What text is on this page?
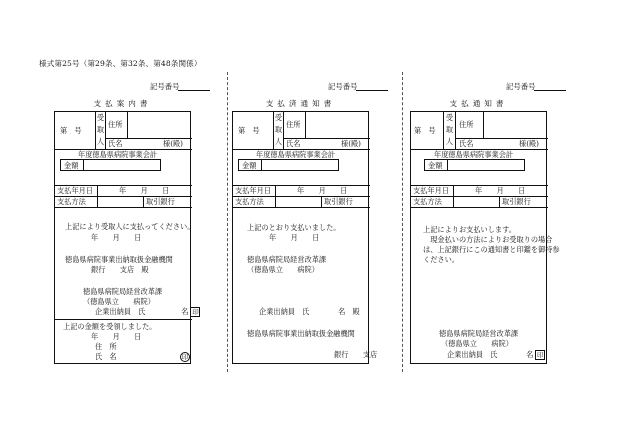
様式第25号（第29条、第32条、第48条関係）
記号番号
支払案内書
第　号
受
取
人
住所
氏名	様(殿)
年度徳島県病院事業会計
金額
支払年月日	年　　月　　日
支払方法	取引銀行
上記により受取人に支払ってください。
年　　月　　日
徳島県病院事業出納取扱金融機関
銀行　　支店　殿
徳島県病院局経営改革課
（徳島県立　　病院）
企業出納員　氏　　　　　名 印
上記の金額を受領しました。
年　　月　　日
住　所
氏　名	印
記号番号
支払済通知書
第　号
受
取
人
住所
氏名	様(殿)
年度徳島県病院事業会計
金額
支払年月日	年　　月　　日
支払方法	取引銀行
上記のとおり支払いました。
年　　月　　日
徳島県病院局経営改革課
（徳島県立　　病院）
企業出納員　氏　　　　名　殿
徳島県病院事業出納取扱金融機関
銀行　　支店
記号番号
支払通知書
第　号
受
取
人
住所
氏名	様(殿)
年度徳島県病院事業会計
金額
支払年月日	年　　月　　日
支払方法	取引銀行
上記によりお支払いします。
　現金払いの方法によりお受取りの場合
は、上記銀行にこの通知書と印鑑を御持参
ください。
徳島県病院局経営改革課
（徳島県立　　病院）
企業出納員　氏　　　　名 印
